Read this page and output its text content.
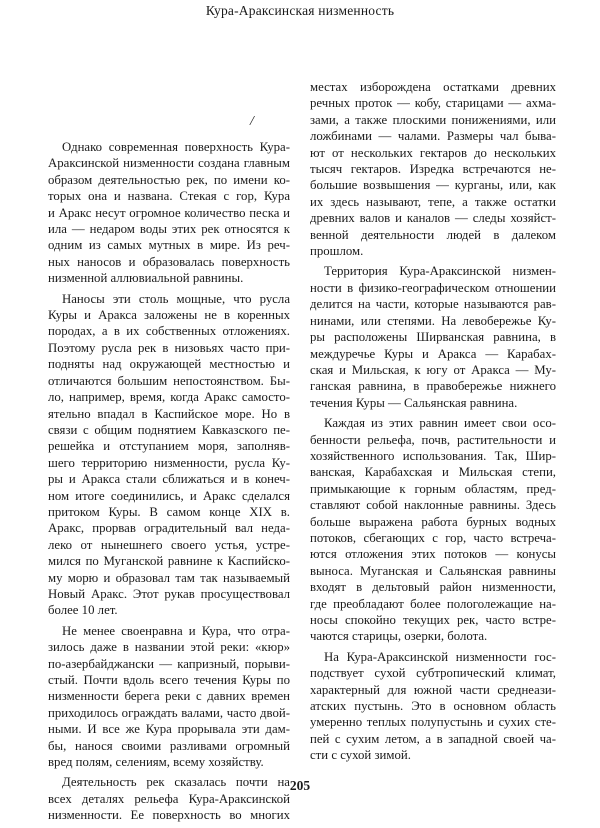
Кура-Араксинская низменность
/
Однако современная поверхность Кура-
Араксинской низменности создана главным
образом деятельностью рек, по имени ко-
торых она и названа. Стекая с гор, Кура
и Аракс несут огромное количество песка и
ила — недаром воды этих рек относятся к
одним из самых мутных в мире. Из реч-
ных наносов и образовалась поверхность
низменной аллювиальной равнины.
Наносы эти столь мощные, что русла
Куры и Аракса заложены не в коренных
породах, а в их собственных отложениях.
Поэтому русла рек в низовьях часто при-
подняты над окружающей местностью и
отличаются большим непостоянством. Бы-
ло, например, время, когда Аракс самосто-
ятельно впадал в Каспийское море. Но в
связи с общим поднятием Кавказского пе-
решейка и отступанием моря, заполняв-
шего территорию низменности, русла Ку-
ры и Аракса стали сближаться и в конеч-
ном итоге соединились, и Аракс сделался
притоком Куры. В самом конце XIX в.
Аракс, прорвав оградительный вал неда-
леко от нынешнего своего устья, устре-
мился по Муганской равнине к Каспийско-
му морю и образовал там так называемый
Новый Аракс. Этот рукав просуществовал
более 10 лет.
Не менее своенравна и Кура, что отра-
зилось даже в названии этой реки: «кюр»
по-азербайджански — капризный, порыви-
стый. Почти вдоль всего течения Куры по
низменности берега реки с давних времен
приходилось ограждать валами, часто двой-
ными. И все же Кура прорывала эти дам-
бы, нанося своими разливами огромный
вред полям, селениям, всему хозяйству.
Деятельность рек сказалась почти на
всех деталях рельефа Кура-Араксинской
низменности. Ее поверхность во многих
местах изборождена остатками древних
речных проток — кобу, старицами — ахма-
зами, а также плоскими понижениями, или
ложбинами — чалами. Размеры чал быва-
ют от нескольких гектаров до нескольких
тысяч гектаров. Изредка встречаются не-
большие возвышения — курганы, или, как
их здесь называют, тепе, а также остатки
древних валов и каналов — следы хозяйст-
венной деятельности людей в далеком
прошлом.
Территория Кура-Араксинской низмен-
ности в физико-географическом отношении
делится на части, которые называются рав-
нинами, или степями. На левобережье Ку-
ры расположены Ширванская равнина, в
междуречье Куры и Аракса — Карабах-
ская и Мильская, к югу от Аракса — Му-
ганская равнина, в правобережье нижнего
течения Куры — Сальянская равнина.
Каждая из этих равнин имеет свои осо-
бенности рельефа, почв, растительности и
хозяйственного использования. Так, Шир-
ванская, Карабахская и Мильская степи,
примыкающие к горным областям, пред-
ставляют собой наклонные равнины. Здесь
больше выражена работа бурных водных
потоков, сбегающих с гор, часто встреча-
ются отложения этих потоков — конусы
выноса. Муганская и Сальянская равнины
входят в дельтовый район низменности,
где преобладают более пологолежащие на-
носы спокойно текущих рек, часто встре-
чаются старицы, озерки, болота.
На Кура-Араксинской низменности гос-
подствует сухой субтропический климат,
характерный для южной части среднеази-
атских пустынь. Это в основном область
умеренно теплых полупустынь и сухих сте-
пей с сухим летом, а в западной своей ча-
сти с сухой зимой.
205
